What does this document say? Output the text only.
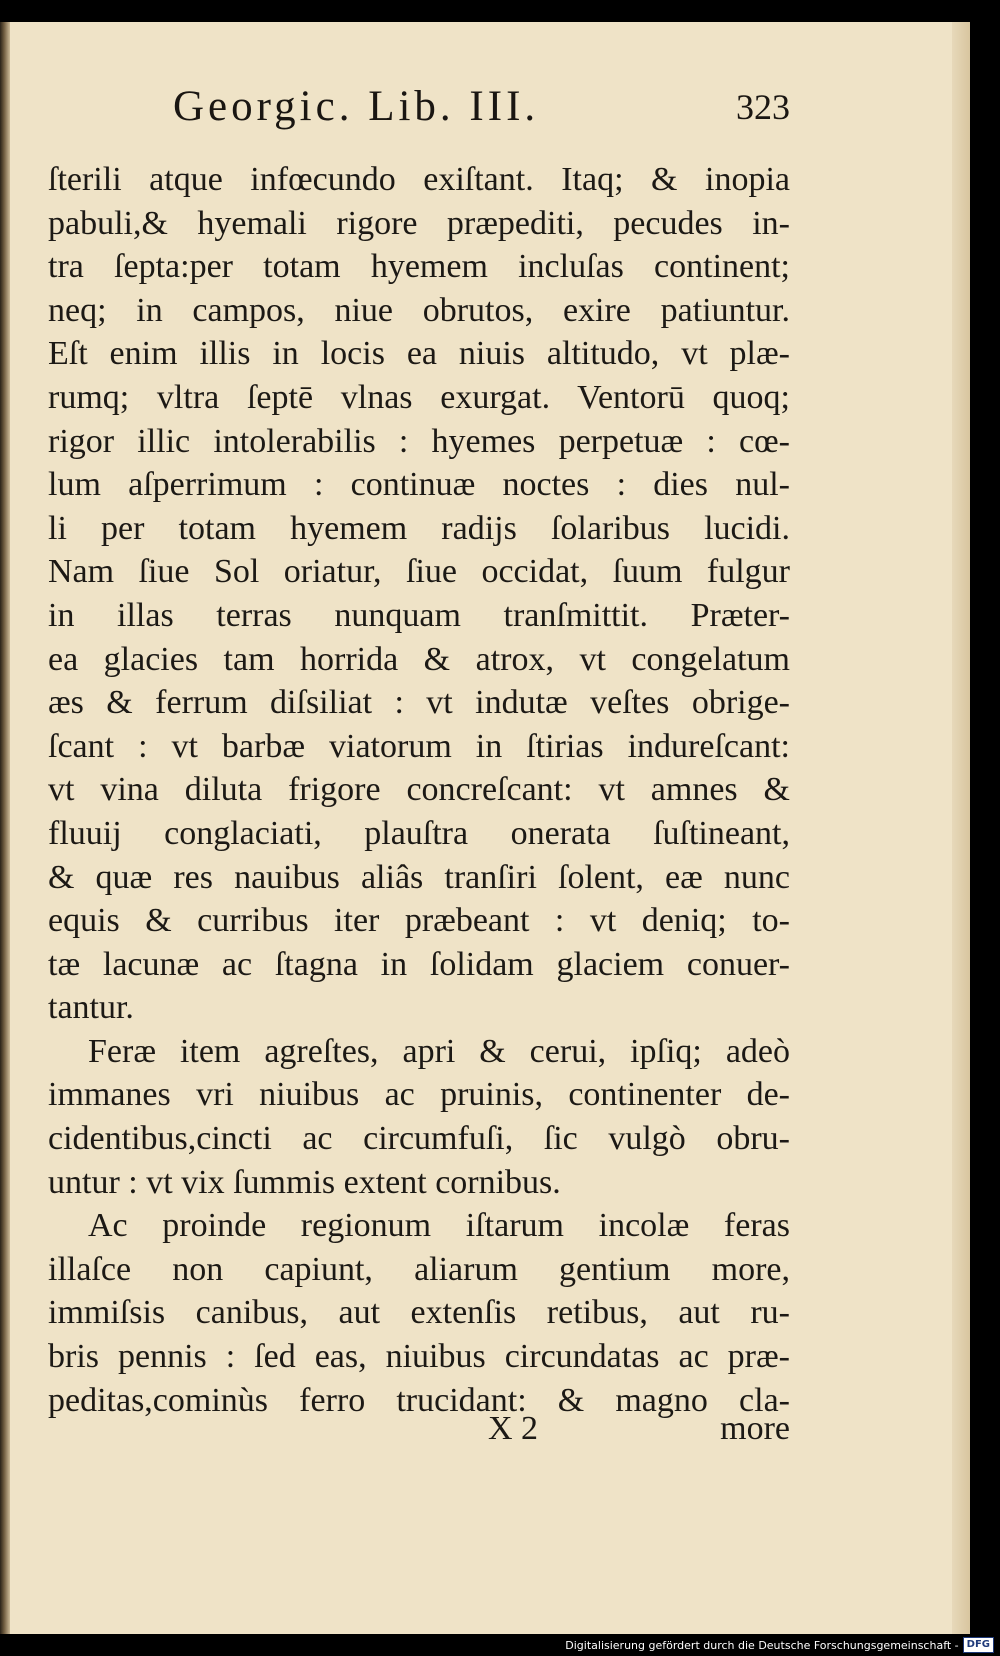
Georgic. Lib. III.	323
ſterili atque infœcundo exiſtant. Itaq; & inopia
pabuli,& hyemali rigore præpediti, pecudes in-
tra ſepta:per totam hyemem incluſas continent;
neq; in campos, niue obrutos, exire patiuntur.
Eſt enim illis in locis ea niuis altitudo, vt plæ-
rumq; vltra ſeptē vlnas exurgat. Ventorū quoq;
rigor illic intolerabilis : hyemes perpetuæ : cœ-
lum aſperrimum : continuæ noctes : dies nul-
li per totam hyemem radijs ſolaribus lucidi.
Nam ſiue Sol oriatur, ſiue occidat, ſuum fulgur
in illas terras nunquam tranſmittit. Præter-
ea glacies tam horrida & atrox, vt congelatum
æs & ferrum diſsiliat : vt indutæ veſtes obrige-
ſcant : vt barbæ viatorum in ſtirias indureſcant:
vt vina diluta frigore concreſcant: vt amnes &
fluuij conglaciati, plauſtra onerata ſuſtineant,
& quæ res nauibus aliâs tranſiri ſolent, eæ nunc
equis & curribus iter præbeant : vt deniq; to-
tæ lacunæ ac ſtagna in ſolidam glaciem conuer-
tantur.
Feræ item agreſtes, apri & cerui, ipſiq; adeò
immanes vri niuibus ac pruinis, continenter de-
cidentibus,cincti ac circumfuſi, ſic vulgò obru-
untur : vt vix ſummis extent cornibus.
Ac proinde regionum iſtarum incolæ feras
illaſce non capiunt, aliarum gentium more,
immiſsis canibus, aut extenſis retibus, aut ru-
bris pennis : ſed eas, niuibus circundatas ac præ-
peditas,cominùs ferro trucidant: & magno cla-
X 2	more
Digitalisierung gefördert durch die Deutsche Forschungsgemeinschaft - DFG
